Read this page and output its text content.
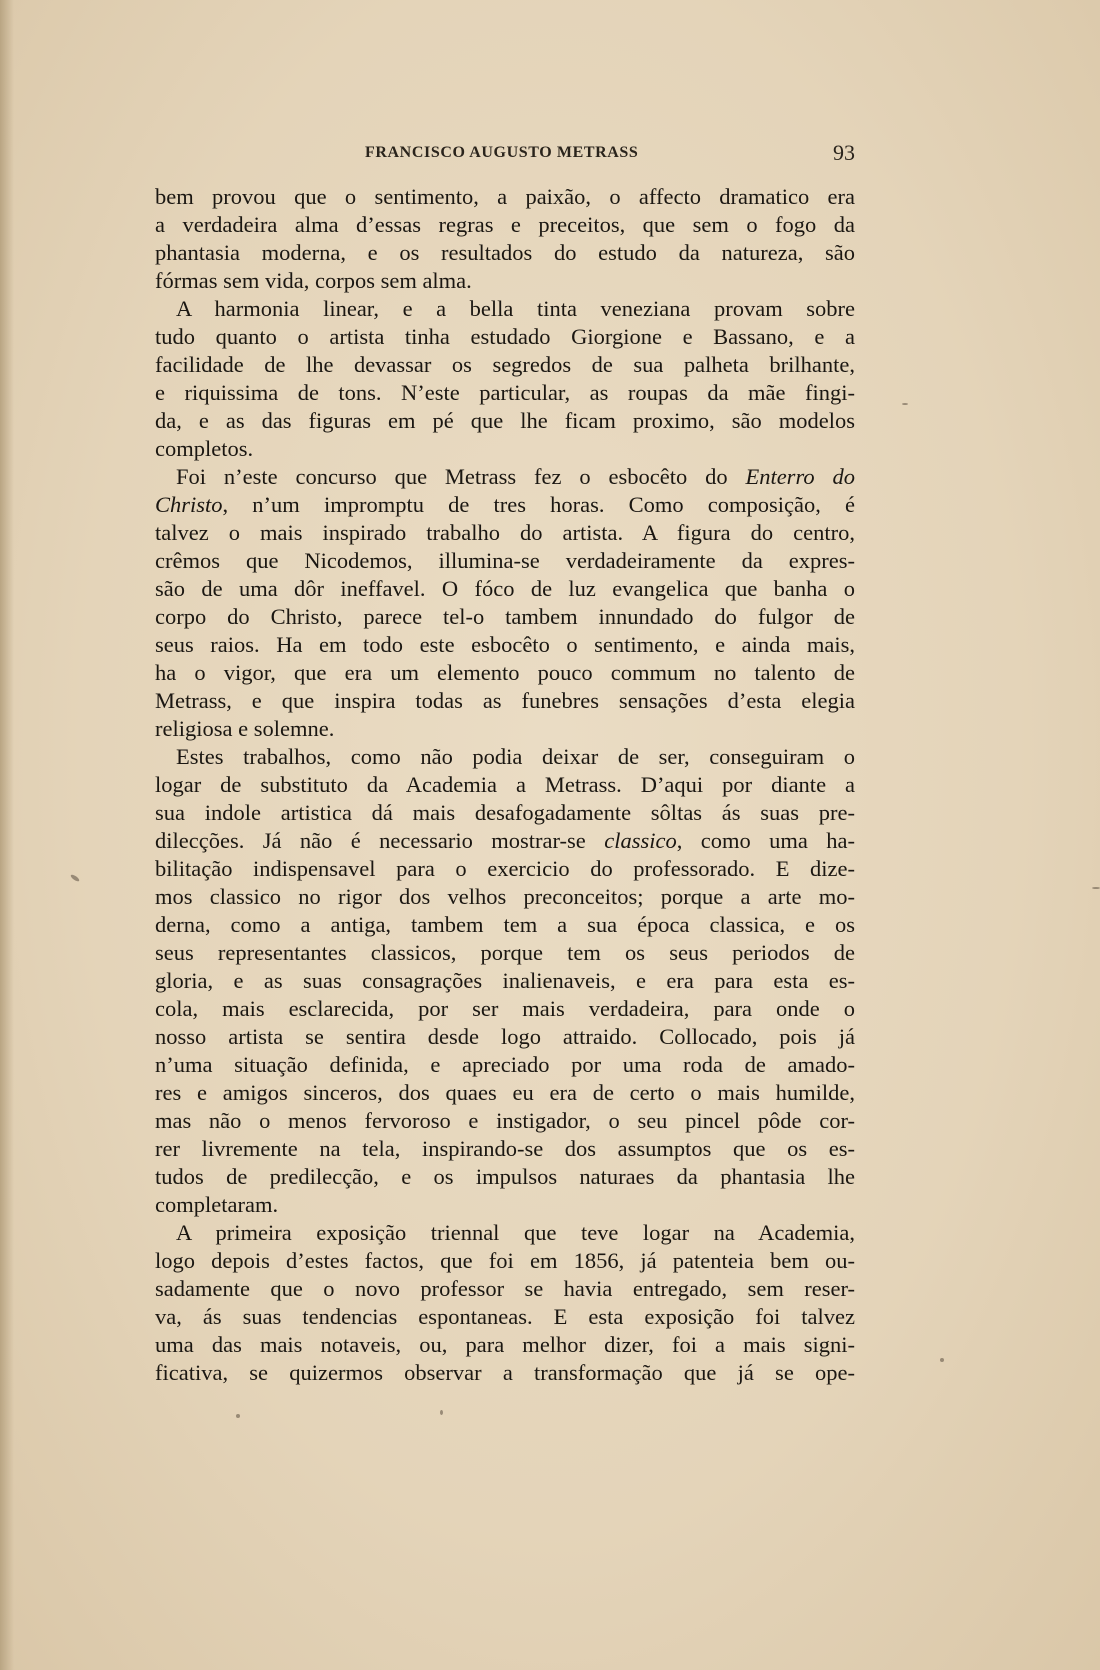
FRANCISCO AUGUSTO METRASS	93
bem provou que o sentimento, a paixão, o affecto dramatico era
a verdadeira alma d’essas regras e preceitos, que sem o fogo da
phantasia moderna, e os resultados do estudo da natureza, são
fórmas sem vida, corpos sem alma.
A harmonia linear, e a bella tinta veneziana provam sobre
tudo quanto o artista tinha estudado Giorgione e Bassano, e a
facilidade de lhe devassar os segredos de sua palheta brilhante,
e riquissima de tons. N’este particular, as roupas da mãe fingi-
da, e as das figuras em pé que lhe ficam proximo, são modelos
completos.
Foi n’este concurso que Metrass fez o esbocêto do Enterro do
Christo, n’um impromptu de tres horas. Como composição, é
talvez o mais inspirado trabalho do artista. A figura do centro,
crêmos que Nicodemos, illumina-se verdadeiramente da expres-
são de uma dôr ineffavel. O fóco de luz evangelica que banha o
corpo do Christo, parece tel-o tambem innundado do fulgor de
seus raios. Ha em todo este esbocêto o sentimento, e ainda mais,
ha o vigor, que era um elemento pouco commum no talento de
Metrass, e que inspira todas as funebres sensações d’esta elegia
religiosa e solemne.
Estes trabalhos, como não podia deixar de ser, conseguiram o
logar de substituto da Academia a Metrass. D’aqui por diante a
sua indole artistica dá mais desafogadamente sôltas ás suas pre-
dilecções. Já não é necessario mostrar-se classico, como uma ha-
bilitação indispensavel para o exercicio do professorado. E dize-
mos classico no rigor dos velhos preconceitos; porque a arte mo-
derna, como a antiga, tambem tem a sua época classica, e os
seus representantes classicos, porque tem os seus periodos de
gloria, e as suas consagrações inalienaveis, e era para esta es-
cola, mais esclarecida, por ser mais verdadeira, para onde o
nosso artista se sentira desde logo attraido. Collocado, pois já
n’uma situação definida, e apreciado por uma roda de amado-
res e amigos sinceros, dos quaes eu era de certo o mais humilde,
mas não o menos fervoroso e instigador, o seu pincel pôde cor-
rer livremente na tela, inspirando-se dos assumptos que os es-
tudos de predilecção, e os impulsos naturaes da phantasia lhe
completaram.
A primeira exposição triennal que teve logar na Academia,
logo depois d’estes factos, que foi em 1856, já patenteia bem ou-
sadamente que o novo professor se havia entregado, sem reser-
va, ás suas tendencias espontaneas. E esta exposição foi talvez
uma das mais notaveis, ou, para melhor dizer, foi a mais signi-
ficativa, se quizermos observar a transformação que já se ope-
